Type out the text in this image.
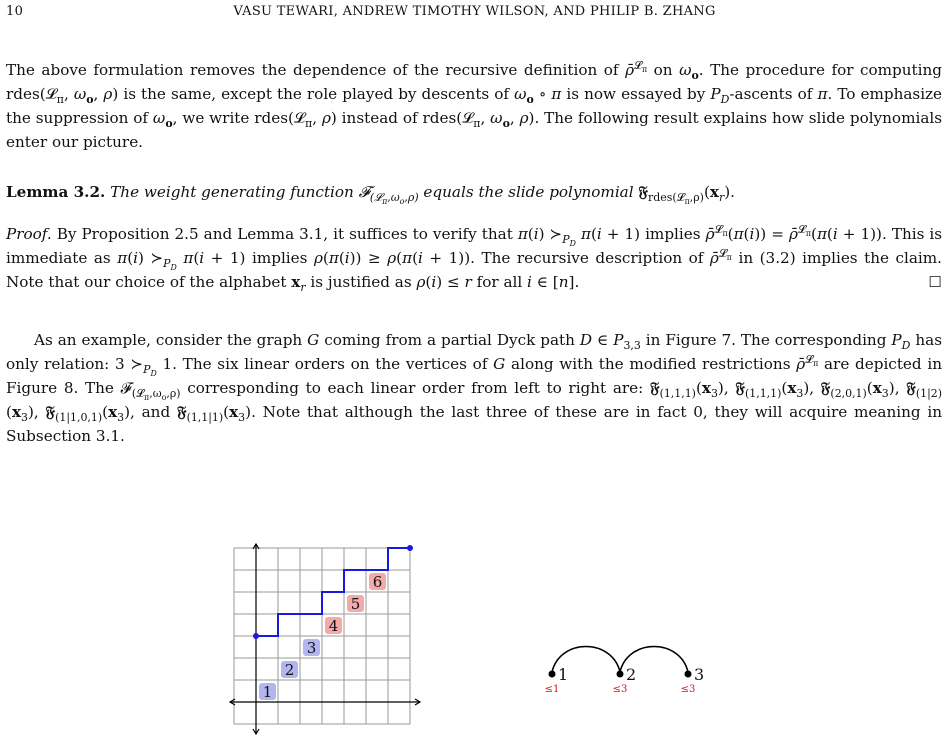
10	VASU TEWARI, ANDREW TIMOTHY WILSON, AND PHILIP B. ZHANG
The above formulation removes the dependence of the recursive definition of ρ̄$^{𝓛_\pi}$ on $\omega_o$. The procedure for computing rdes(𝓛$_\pi$, $\omega_o$, ρ) is the same, except the role played by descents of $\omega_o$ ∘ π is now essayed by $P_D$-ascents of π. To emphasize the suppression of $\omega_o$, we write rdes(𝓛$_\pi$, ρ) instead of rdes(𝓛$_\pi$, $\omega_o$, ρ). The following result explains how slide polynomials enter our picture.
Lemma 3.2. The weight generating function 𝓕$_{(𝓛_\pi,\omega_o,\rho)}$ equals the slide polynomial $𝔉_{rdes(𝓛_\pi,\rho)}(x_r)$.
Proof. By Proposition 2.5 and Lemma 3.1, it suffices to verify that π(i) $≻_{P_D}$ π(i + 1) implies ρ̄$^{𝓛_\pi}$(π(i)) = ρ̄$^{𝓛_\pi}$(π(i + 1)). This is immediate as π(i) $≻_{P_D}$ π(i + 1) implies ρ(π(i)) ≥ ρ(π(i + 1)). The recursive description of ρ̄$^{𝓛_\pi}$ in (3.2) implies the claim. Note that our choice of the alphabet $x_r$ is justified as ρ(i) ≤ r for all i ∈ [n].	☐
As an example, consider the graph G coming from a partial Dyck path D ∈ $P_{3,3}$ in Figure 7. The corresponding $P_D$ has only relation: 3 $≻_{P_D}$ 1. The six linear orders on the vertices of G along with the modified restrictions ρ̄$^{𝓛_\pi}$ are depicted in Figure 8. The 𝓕$_{(𝓛_\pi,\omega_o,\rho)}$ corresponding to each linear order from left to right are: $𝔉_{(1,1,1)}(x_3)$, $𝔉_{(1,1,1)}(x_3)$, $𝔉_{(2,0,1)}(x_3)$, $𝔉_{(1|2)}(x_3)$, $𝔉_{(1|1,0,1)}(x_3)$, and $𝔉_{(1,1|1)}(x_3)$. Note that although the last three of these are in fact 0, they will acquire meaning in Subsection 3.1.
1
2
3
4
5
6
1	2	3
≤1	≤3	≤3
